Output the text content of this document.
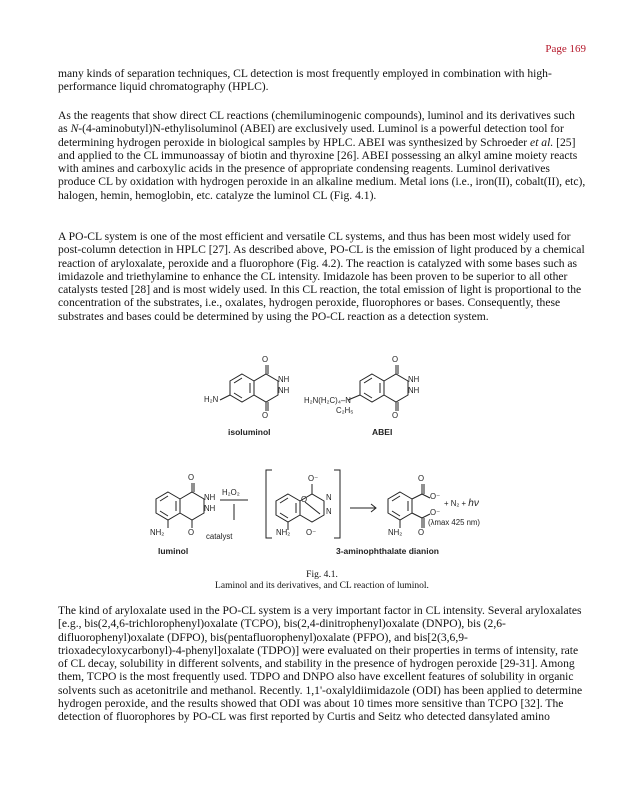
Page 169

many kinds of separation techniques, CL detection is most frequently employed in combination with high-performance liquid chromatography (HPLC).

As the reagents that show direct CL reactions (chemiluminogenic compounds), luminol and its derivatives such as N-(4-aminobutyl)N-ethylisoluminol (ABEI) are exclusively used. Luminol is a powerful detection tool for determining hydrogen peroxide in biological samples by HPLC. ABEI was synthesized by Schroeder et al. [25] and applied to the CL immunoassay of biotin and thyroxine [26]. ABEI possessing an alkyl amine moiety reacts with amines and carboxylic acids in the presence of appropriate condensing reagents. Luminol derivatives produce CL by oxidation with hydrogen peroxide in an alkaline medium. Metal ions (i.e., iron(II), cobalt(II), etc), halogen, hemin, hemoglobin, etc. catalyze the luminol CL (Fig. 4.1).

A PO-CL system is one of the most efficient and versatile CL systems, and thus has been most widely used for post-column detection in HPLC [27]. As described above, PO-CL is the emission of light produced by a chemical reaction of aryloxalate, peroxide and a fluorophore (Fig. 4.2). The reaction is catalyzed with some bases such as imidazole and triethylamine to enhance the CL intensity. Imidazole has been proven to be superior to all other catalysts tested [28] and is most widely used. In this CL reaction, the total emission of light is proportional to the concentration of the substrates, i.e., oxalates, hydrogen peroxide, fluorophores or bases. Consequently, these substrates and bases could be determined by using the PO-CL reaction as a detection system.

O
NH
NH
O
H₂N
isoluminol
O
NH
NH
O
H₂N(H₂C)₄–N
C₂H₅
ABEI
O
NH
NH
NH₂	O
luminol
H₂O₂
catalyst
O⁻
O N
N
NH₂ O⁻
O
O⁻
O⁻
NH₂ O
+ N₂ + hν
(λmax 425 nm)
3-aminophthalate dianion
Fig. 4.1.
Laminol and its derivatives, and CL reaction of luminol.

The kind of aryloxalate used in the PO-CL system is a very important factor in CL intensity. Several aryloxalates [e.g., bis(2,4,6-trichlorophenyl)oxalate (TCPO), bis(2,4-dinitrophenyl)oxalate (DNPO), bis (2,6-difluorophenyl)oxalate (DFPO), bis(pentafluorophenyl)oxalate (PFPO), and bis[2(3,6,9-trioxadecyloxycarbonyl)-4-phenyl]oxalate (TDPO)] were evaluated on their properties in terms of intensity, rate of CL decay, solubility in different solvents, and stability in the presence of hydrogen peroxide [29-31]. Among them, TCPO is the most frequently used. TDPO and DNPO also have excellent features of solubility in organic solvents such as acetonitrile and methanol. Recently. 1,1'-oxalyldiimidazole (ODI) has been applied to determine hydrogen peroxide, and the results showed that ODI was about 10 times more sensitive than TCPO [32]. The detection of fluorophores by PO-CL was first reported by Curtis and Seitz who detected dansylated amino
